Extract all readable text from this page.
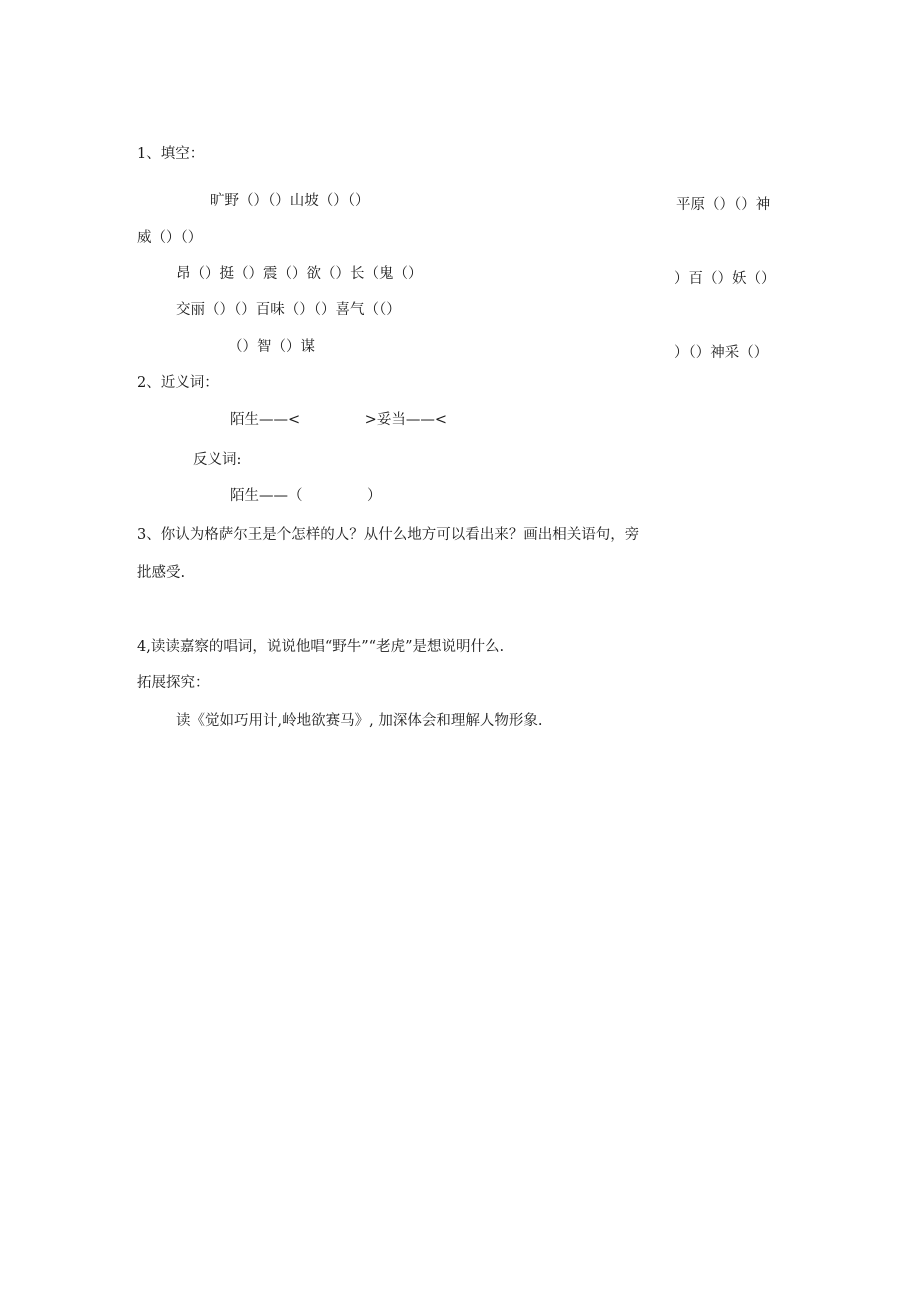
1、填空：
旷野（）（）山坡（）（）	平原（）（）神
威（）（）
昂（）挺（）震（）欲（）长（鬼（）	）百（）妖（）
交丽（）（）百味（）（）喜气（（）
（）智（）谋	）（）神采（）
2、近义词：
陌生——<              >妥当——<
反义词:
陌生——（              ）
3、你认为格萨尔王是个怎样的人？从什么地方可以看出来？画出相关语句，旁
批感受.
4,读读嘉察的唱词，说说他唱“野牛”“老虎”是想说明什么.
拓展探究：
读《觉如巧用计,岭地欲赛马》, 加深体会和理解人物形象.
